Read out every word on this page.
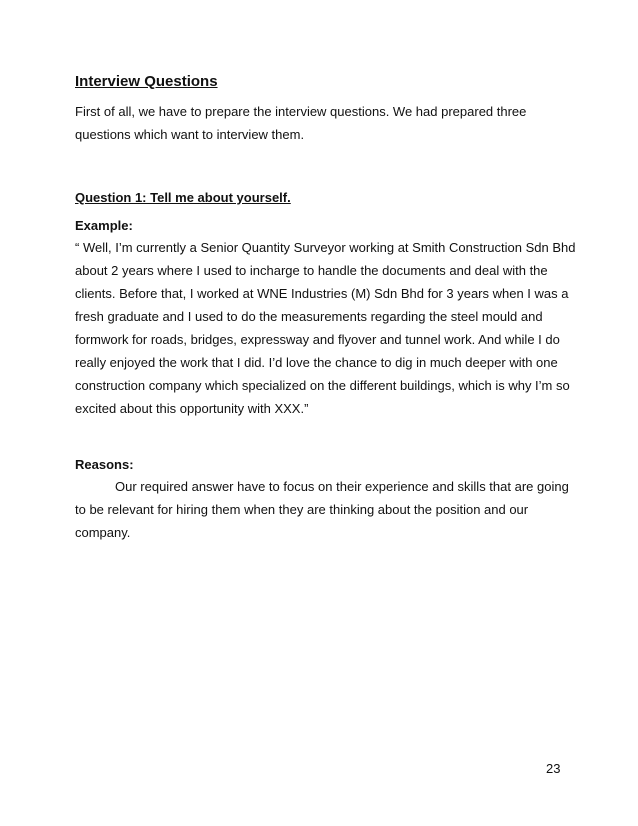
Interview Questions
First of all, we have to prepare the interview questions. We had prepared three
questions which want to interview them.
Question 1: Tell me about yourself.
Example:
“ Well, I’m currently a Senior Quantity Surveyor working at Smith Construction Sdn Bhd
about 2 years where I used to incharge to handle the documents and deal with the
clients. Before that, I worked at WNE Industries (M) Sdn Bhd for 3 years when I was a
fresh graduate and I used to do the measurements regarding the steel mould and
formwork for roads, bridges, expressway and flyover and tunnel work. And while I do
really enjoyed the work that I did. I’d love the chance to dig in much deeper with one
construction company which specialized on the different buildings, which is why I’m so
excited about this opportunity with XXX.”
Reasons:
Our required answer have to focus on their experience and skills that are going
to be relevant for hiring them when they are thinking about the position and our
company.
23
